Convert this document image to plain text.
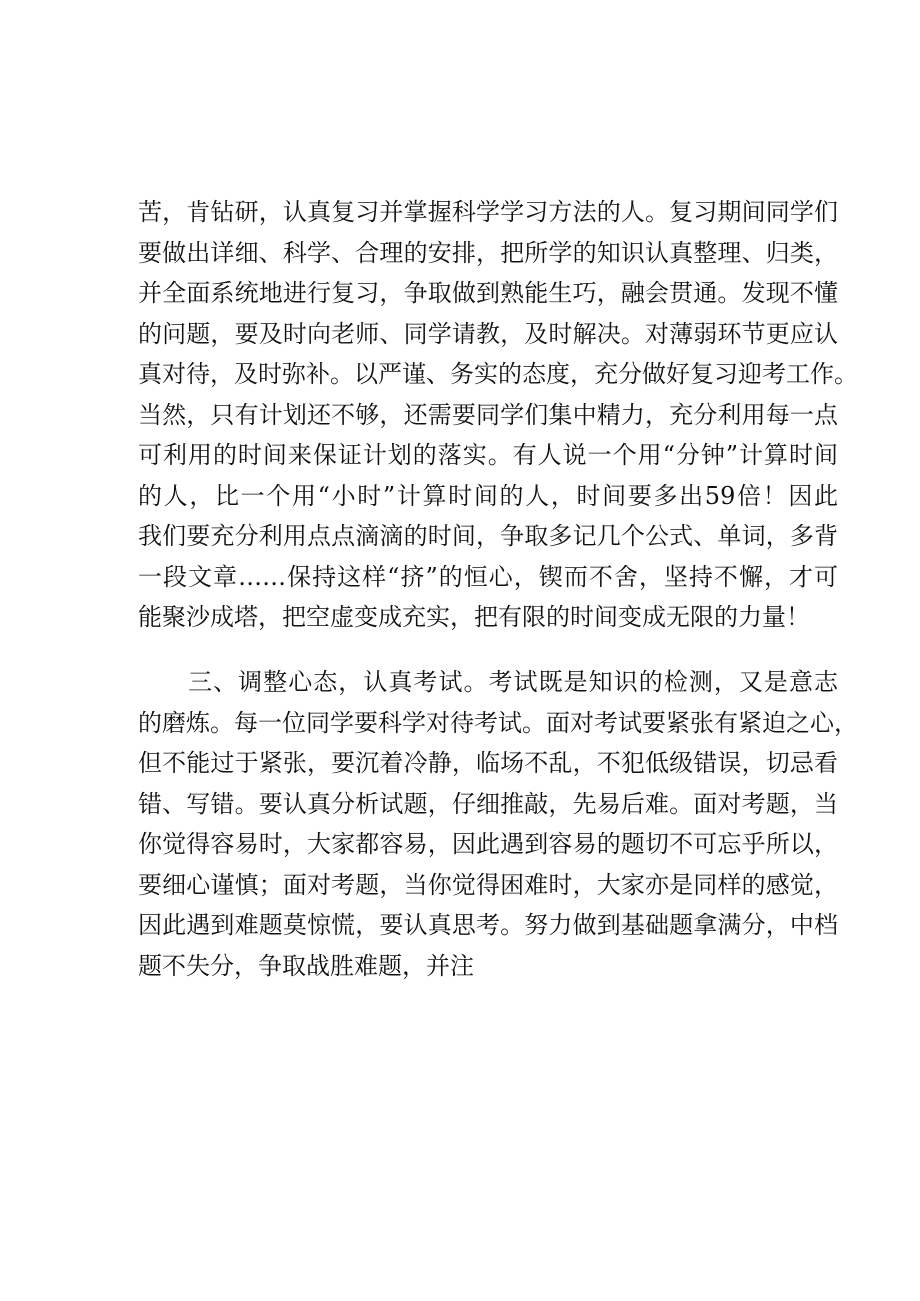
苦，肯钻研，认真复习并掌握科学学习方法的人。复习期间同学们
要做出详细、科学、合理的安排，把所学的知识认真整理、归类，
并全面系统地进行复习，争取做到熟能生巧，融会贯通。发现不懂
的问题，要及时向老师、同学请教，及时解决。对薄弱环节更应认
真对待，及时弥补。以严谨、务实的态度，充分做好复习迎考工作。
当然，只有计划还不够，还需要同学们集中精力，充分利用每一点
可利用的时间来保证计划的落实。有人说一个用“分钟”计算时间
的人，比一个用“小时”计算时间的人，时间要多出59倍！因此
我们要充分利用点点滴滴的时间，争取多记几个公式、单词，多背
一段文章……保持这样“挤”的恒心，锲而不舍，坚持不懈，才可
能聚沙成塔，把空虚变成充实，把有限的时间变成无限的力量！
　　三、调整心态，认真考试。考试既是知识的检测，又是意志
的磨炼。每一位同学要科学对待考试。面对考试要紧张有紧迫之心，
但不能过于紧张，要沉着冷静，临场不乱，不犯低级错误，切忌看
错、写错。要认真分析试题，仔细推敲，先易后难。面对考题，当
你觉得容易时，大家都容易，因此遇到容易的题切不可忘乎所以，
要细心谨慎；面对考题，当你觉得困难时，大家亦是同样的感觉，
因此遇到难题莫惊慌，要认真思考。努力做到基础题拿满分，中档
题不失分，争取战胜难题，并注
